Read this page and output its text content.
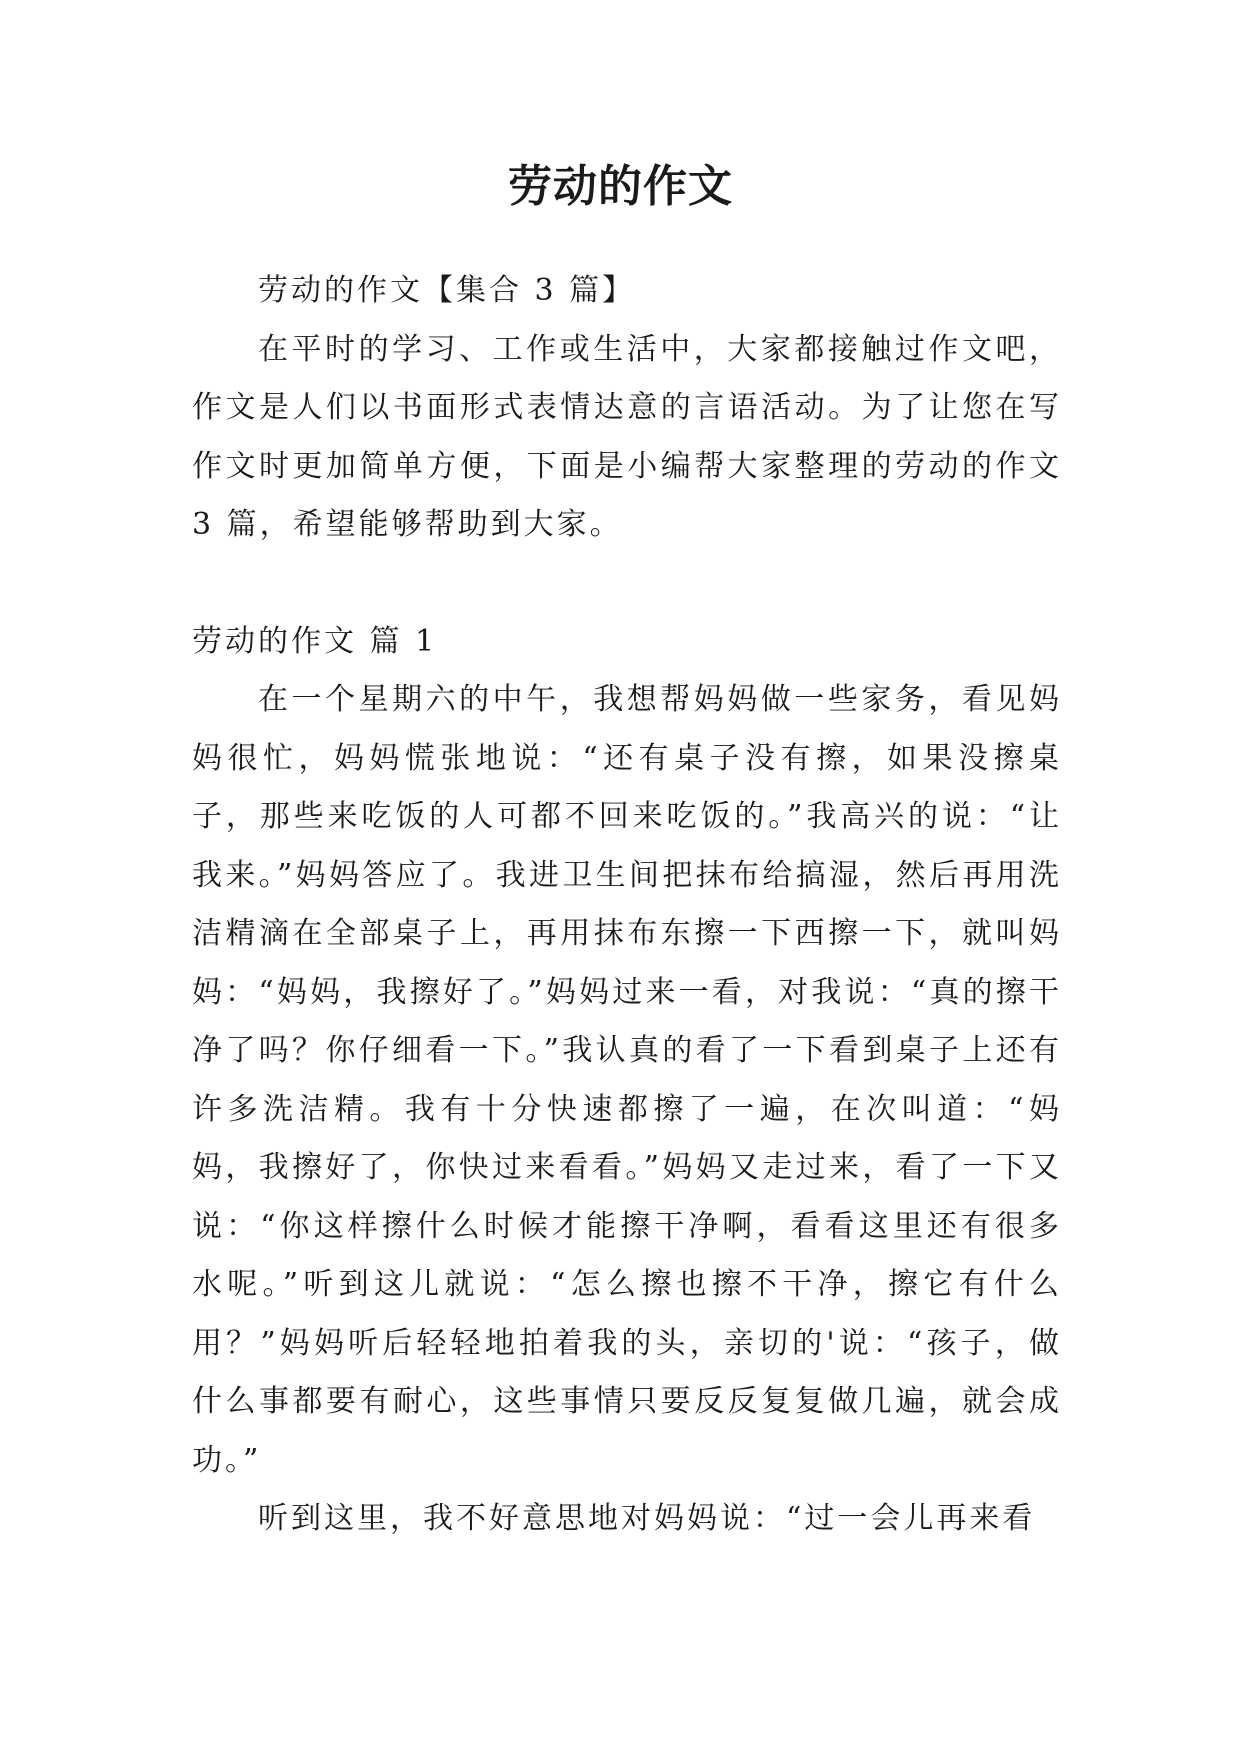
劳动的作文

劳动的作文【集合 3 篇】

在平时的学习、工作或生活中，大家都接触过作文吧，作文是人们以书面形式表情达意的言语活动。为了让您在写作文时更加简单方便，下面是小编帮大家整理的劳动的作文 3 篇，希望能够帮助到大家。

劳动的作文 篇 1

在一个星期六的中午，我想帮妈妈做一些家务，看见妈妈很忙，妈妈慌张地说：“还有桌子没有擦，如果没擦桌子，那些来吃饭的人可都不回来吃饭的。”我高兴的说：“让我来。”妈妈答应了。我进卫生间把抹布给搞湿，然后再用洗洁精滴在全部桌子上，再用抹布东擦一下西擦一下，就叫妈妈：“妈妈，我擦好了。”妈妈过来一看，对我说：“真的擦干净了吗？你仔细看一下。”我认真的看了一下看到桌子上还有许多洗洁精。我有十分快速都擦了一遍，在次叫道：“妈妈，我擦好了，你快过来看看。”妈妈又走过来，看了一下又说：“你这样擦什么时候才能擦干净啊，看看这里还有很多水呢。”听到这儿就说：“怎么擦也擦不干净，擦它有什么用？”妈妈听后轻轻地拍着我的头，亲切的'说：“孩子，做什么事都要有耐心，这些事情只要反反复复做几遍，就会成功。”

听到这里，我不好意思地对妈妈说：“过一会儿再来看
